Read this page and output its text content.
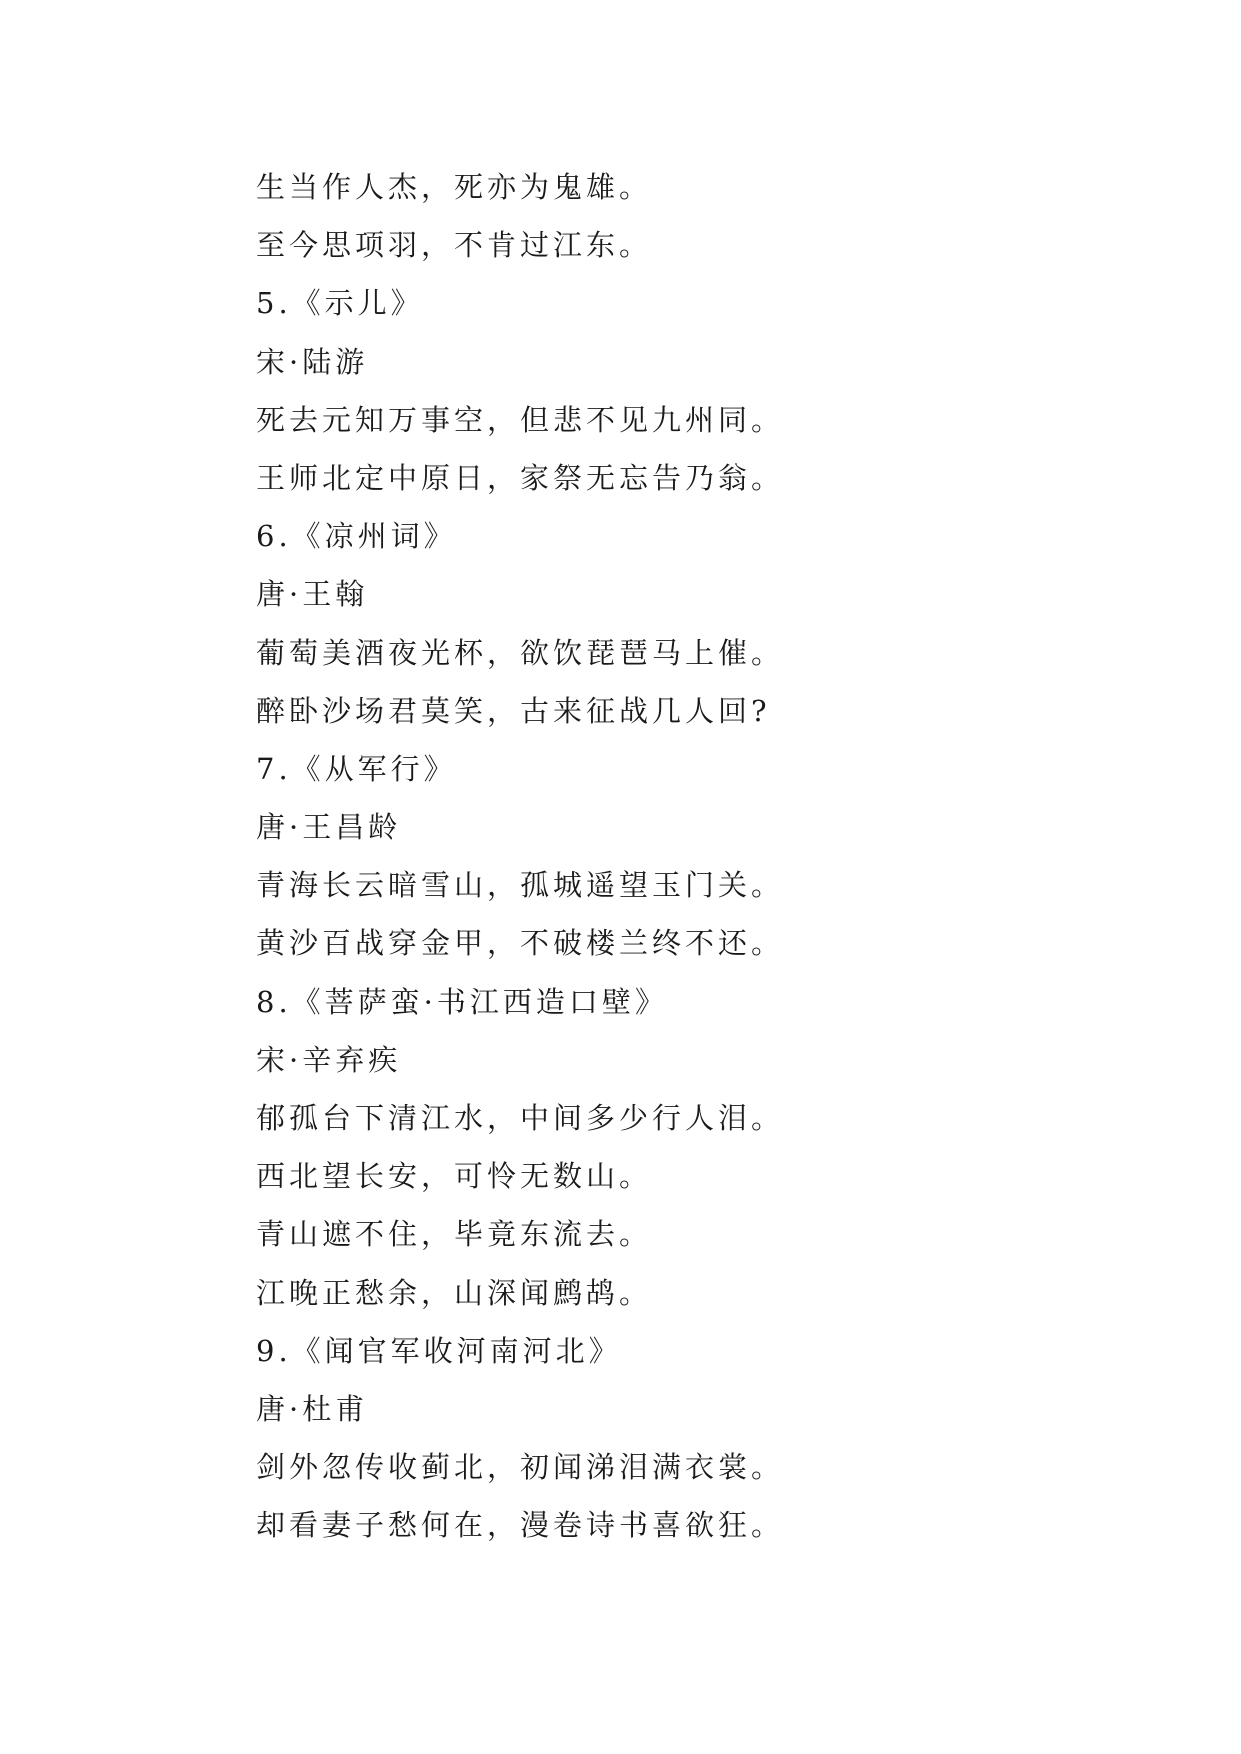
生当作人杰，死亦为鬼雄。
至今思项羽，不肯过江东。
5.《示儿》
宋·陆游
死去元知万事空，但悲不见九州同。
王师北定中原日，家祭无忘告乃翁。
6.《凉州词》
唐·王翰
葡萄美酒夜光杯，欲饮琵琶马上催。
醉卧沙场君莫笑，古来征战几人回?
7.《从军行》
唐·王昌龄
青海长云暗雪山，孤城遥望玉门关。
黄沙百战穿金甲，不破楼兰终不还。
8.《菩萨蛮·书江西造口壁》
宋·辛弃疾
郁孤台下清江水，中间多少行人泪。
西北望长安，可怜无数山。
青山遮不住，毕竟东流去。
江晚正愁余，山深闻鹧鸪。
9.《闻官军收河南河北》
唐·杜甫
剑外忽传收蓟北，初闻涕泪满衣裳。
却看妻子愁何在，漫卷诗书喜欲狂。
